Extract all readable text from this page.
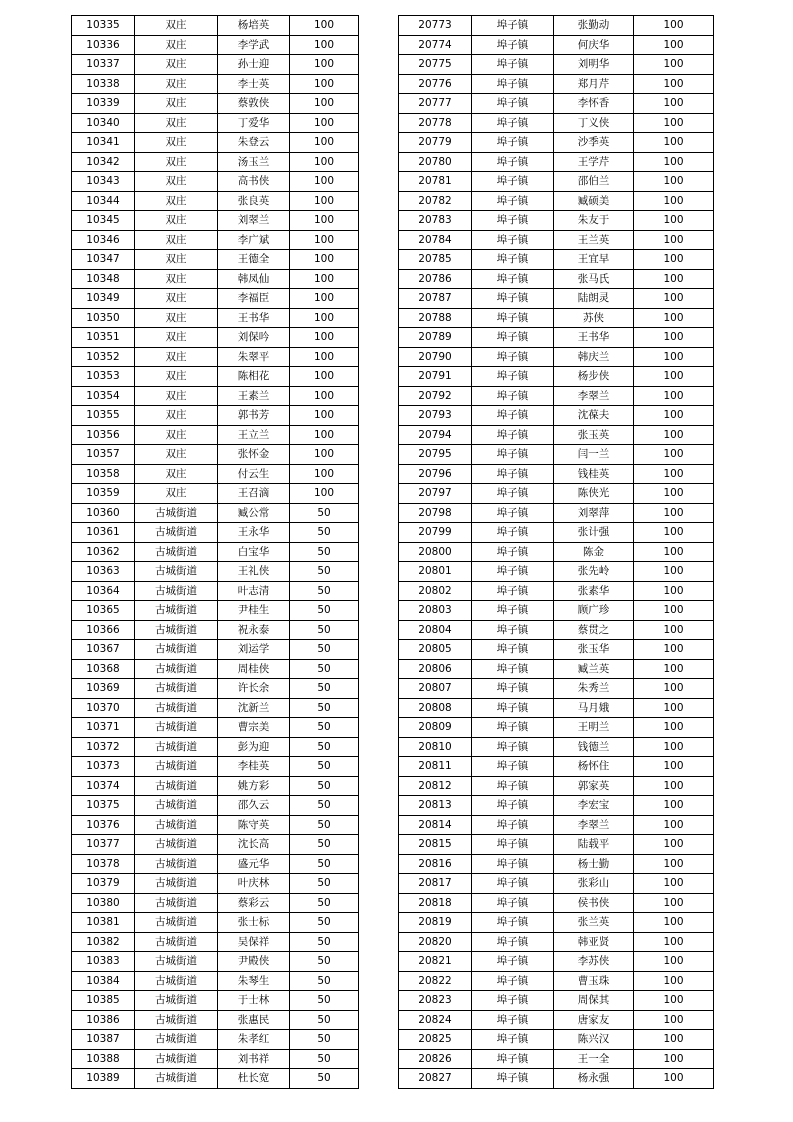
10335	双庄	杨培英	100
10336	双庄	李学武	100
10337	双庄	孙士迎	100
10338	双庄	李士英	100
10339	双庄	蔡敦侠	100
10340	双庄	丁爱华	100
10341	双庄	朱登云	100
10342	双庄	汤玉兰	100
10343	双庄	高书侠	100
10344	双庄	张良英	100
10345	双庄	刘翠兰	100
10346	双庄	李广斌	100
10347	双庄	王德全	100
10348	双庄	韩凤仙	100
10349	双庄	李福臣	100
10350	双庄	王书华	100
10351	双庄	刘保吟	100
10352	双庄	朱翠平	100
10353	双庄	陈相花	100
10354	双庄	王素兰	100
10355	双庄	郭书芳	100
10356	双庄	王立兰	100
10357	双庄	张怀金	100
10358	双庄	付云生	100
10359	双庄	王召滴	100
10360	古城街道	臧公常	50
10361	古城街道	王永华	50
10362	古城街道	白宝华	50
10363	古城街道	王礼侠	50
10364	古城街道	叶志清	50
10365	古城街道	尹桂生	50
10366	古城街道	祝永泰	50
10367	古城街道	刘运学	50
10368	古城街道	周桂侠	50
10369	古城街道	许长余	50
10370	古城街道	沈新兰	50
10371	古城街道	曹宗美	50
10372	古城街道	彭为迎	50
10373	古城街道	李桂英	50
10374	古城街道	姚方彩	50
10375	古城街道	邵久云	50
10376	古城街道	陈守英	50
10377	古城街道	沈长高	50
10378	古城街道	盛元华	50
10379	古城街道	叶庆林	50
10380	古城街道	蔡彩云	50
10381	古城街道	张士标	50
10382	古城街道	吴保祥	50
10383	古城街道	尹殿侠	50
10384	古城街道	朱琴生	50
10385	古城街道	于士林	50
10386	古城街道	张惠民	50
10387	古城街道	朱孝红	50
10388	古城街道	刘书祥	50
10389	古城街道	杜长宽	50
20773	埠子镇	张勤动	100
20774	埠子镇	何庆华	100
20775	埠子镇	刘明华	100
20776	埠子镇	郑月芹	100
20777	埠子镇	李怀香	100
20778	埠子镇	丁义侠	100
20779	埠子镇	沙季英	100
20780	埠子镇	王学芹	100
20781	埠子镇	邵伯兰	100
20782	埠子镇	臧硕美	100
20783	埠子镇	朱友于	100
20784	埠子镇	王兰英	100
20785	埠子镇	王宜早	100
20786	埠子镇	张马氏	100
20787	埠子镇	陆朗灵	100
20788	埠子镇	苏侠	100
20789	埠子镇	王书华	100
20790	埠子镇	韩庆兰	100
20791	埠子镇	杨步侠	100
20792	埠子镇	李翠兰	100
20793	埠子镇	沈葆夫	100
20794	埠子镇	张玉英	100
20795	埠子镇	闫一兰	100
20796	埠子镇	钱桂英	100
20797	埠子镇	陈侠光	100
20798	埠子镇	刘翠萍	100
20799	埠子镇	张计强	100
20800	埠子镇	陈金	100
20801	埠子镇	张先岭	100
20802	埠子镇	张素华	100
20803	埠子镇	顾广珍	100
20804	埠子镇	蔡贯之	100
20805	埠子镇	张玉华	100
20806	埠子镇	臧兰英	100
20807	埠子镇	朱秀兰	100
20808	埠子镇	马月娥	100
20809	埠子镇	王明兰	100
20810	埠子镇	钱德兰	100
20811	埠子镇	杨怀住	100
20812	埠子镇	郭家英	100
20813	埠子镇	李宏宝	100
20814	埠子镇	李翠兰	100
20815	埠子镇	陆载平	100
20816	埠子镇	杨士勤	100
20817	埠子镇	张彩山	100
20818	埠子镇	侯书侠	100
20819	埠子镇	张兰英	100
20820	埠子镇	韩亚贤	100
20821	埠子镇	李苏侠	100
20822	埠子镇	曹玉珠	100
20823	埠子镇	周保其	100
20824	埠子镇	唐家友	100
20825	埠子镇	陈兴汉	100
20826	埠子镇	王一全	100
20827	埠子镇	杨永强	100
